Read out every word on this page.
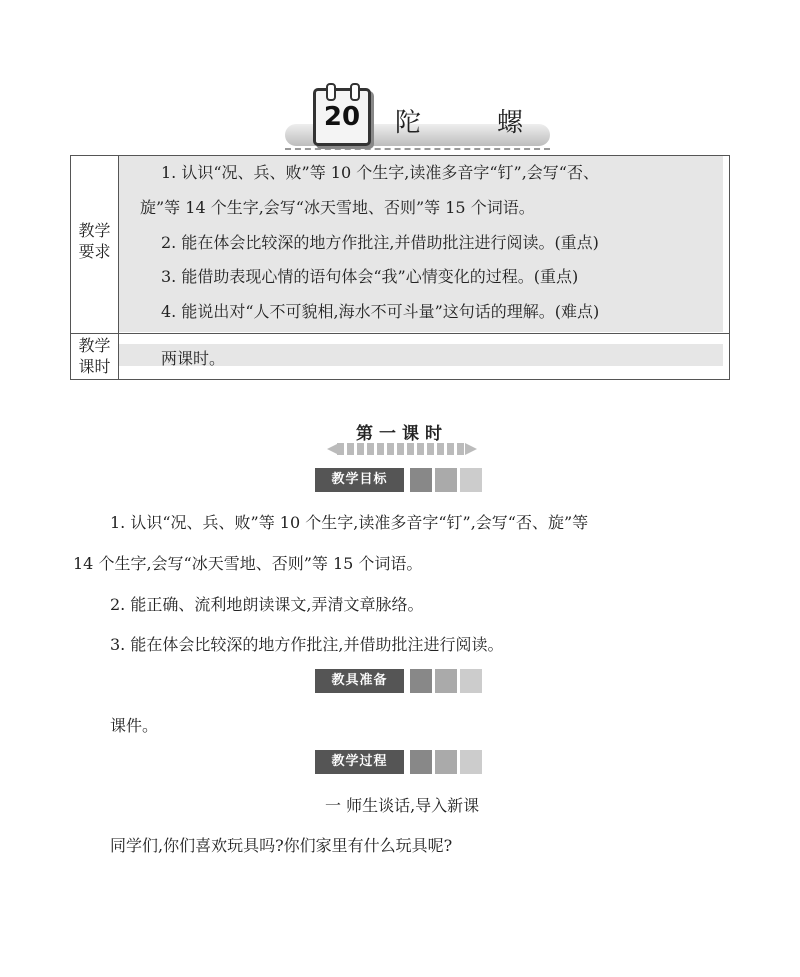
20 陀	螺
教学
要求
1. 认识“况、兵、败”等 10 个生字,读准多音字“钉”,会写“否、
旋”等 14 个生字,会写“冰天雪地、否则”等 15 个词语。
2. 能在体会比较深的地方作批注,并借助批注进行阅读。(重点)
3. 能借助表现心情的语句体会“我”心情变化的过程。(重点)
4. 能说出对“人不可貌相,海水不可斗量”这句话的理解。(难点)
教学
课时	两课时。
第一课时
教学目标
1. 认识“况、兵、败”等 10 个生字,读准多音字“钉”,会写“否、旋”等
14 个生字,会写“冰天雪地、否则”等 15 个词语。
2. 能正确、流利地朗读课文,弄清文章脉络。
3. 能在体会比较深的地方作批注,并借助批注进行阅读。
教具准备
课件。
教学过程
一 师生谈话,导入新课
同学们,你们喜欢玩具吗?你们家里有什么玩具呢?
